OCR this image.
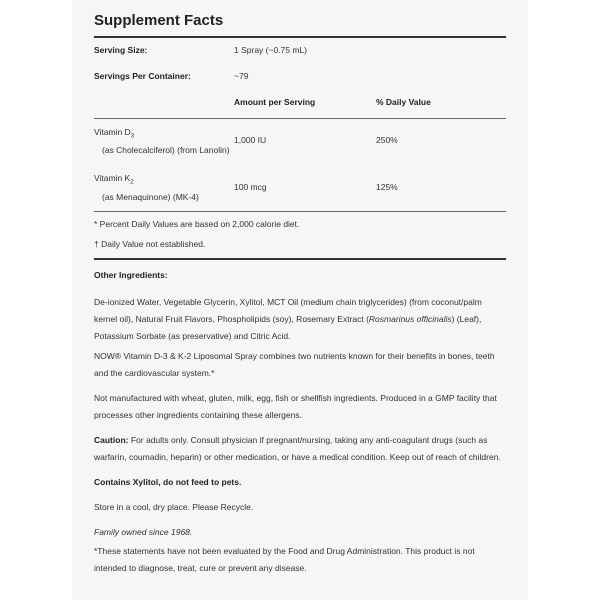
Supplement Facts
Serving Size:	1 Spray (~0.75 mL)
Servings Per Container:	~79
Amount per Serving	% Daily Value
Vitamin $D_3$
(as Cholecalciferol) (from Lanolin)
1,000 IU	250%
Vitamin $K_2$
(as Menaquinone) (MK-4)
100 mcg	125%
* Percent Daily Values are based on 2,000 calorie diet.
† Daily Value not established.
Other Ingredients:
De-ionized Water, Vegetable Glycerin, Xylitol, MCT Oil (medium chain triglycerides) (from coconut/palm kernel oil), Natural Fruit Flavors, Phospholipids (soy), Rosemary Extract (Rosmarinus officinalis) (Leaf), Potassium Sorbate (as preservative) and Citric Acid.
NOW® Vitamin D-3 & K-2 Liposomal Spray combines two nutrients known for their benefits in bones, teeth and the cardiovascular system.*
Not manufactured with wheat, gluten, milk, egg, fish or shellfish ingredients. Produced in a GMP facility that processes other ingredients containing these allergens.
Caution: For adults only. Consult physician if pregnant/nursing, taking any anti-coagulant drugs (such as warfarin, coumadin, heparin) or other medication, or have a medical condition. Keep out of reach of children.
Contains Xylitol, do not feed to pets.
Store in a cool, dry place. Please Recycle.
Family owned since 1968.
*These statements have not been evaluated by the Food and Drug Administration. This product is not intended to diagnose, treat, cure or prevent any disease.
